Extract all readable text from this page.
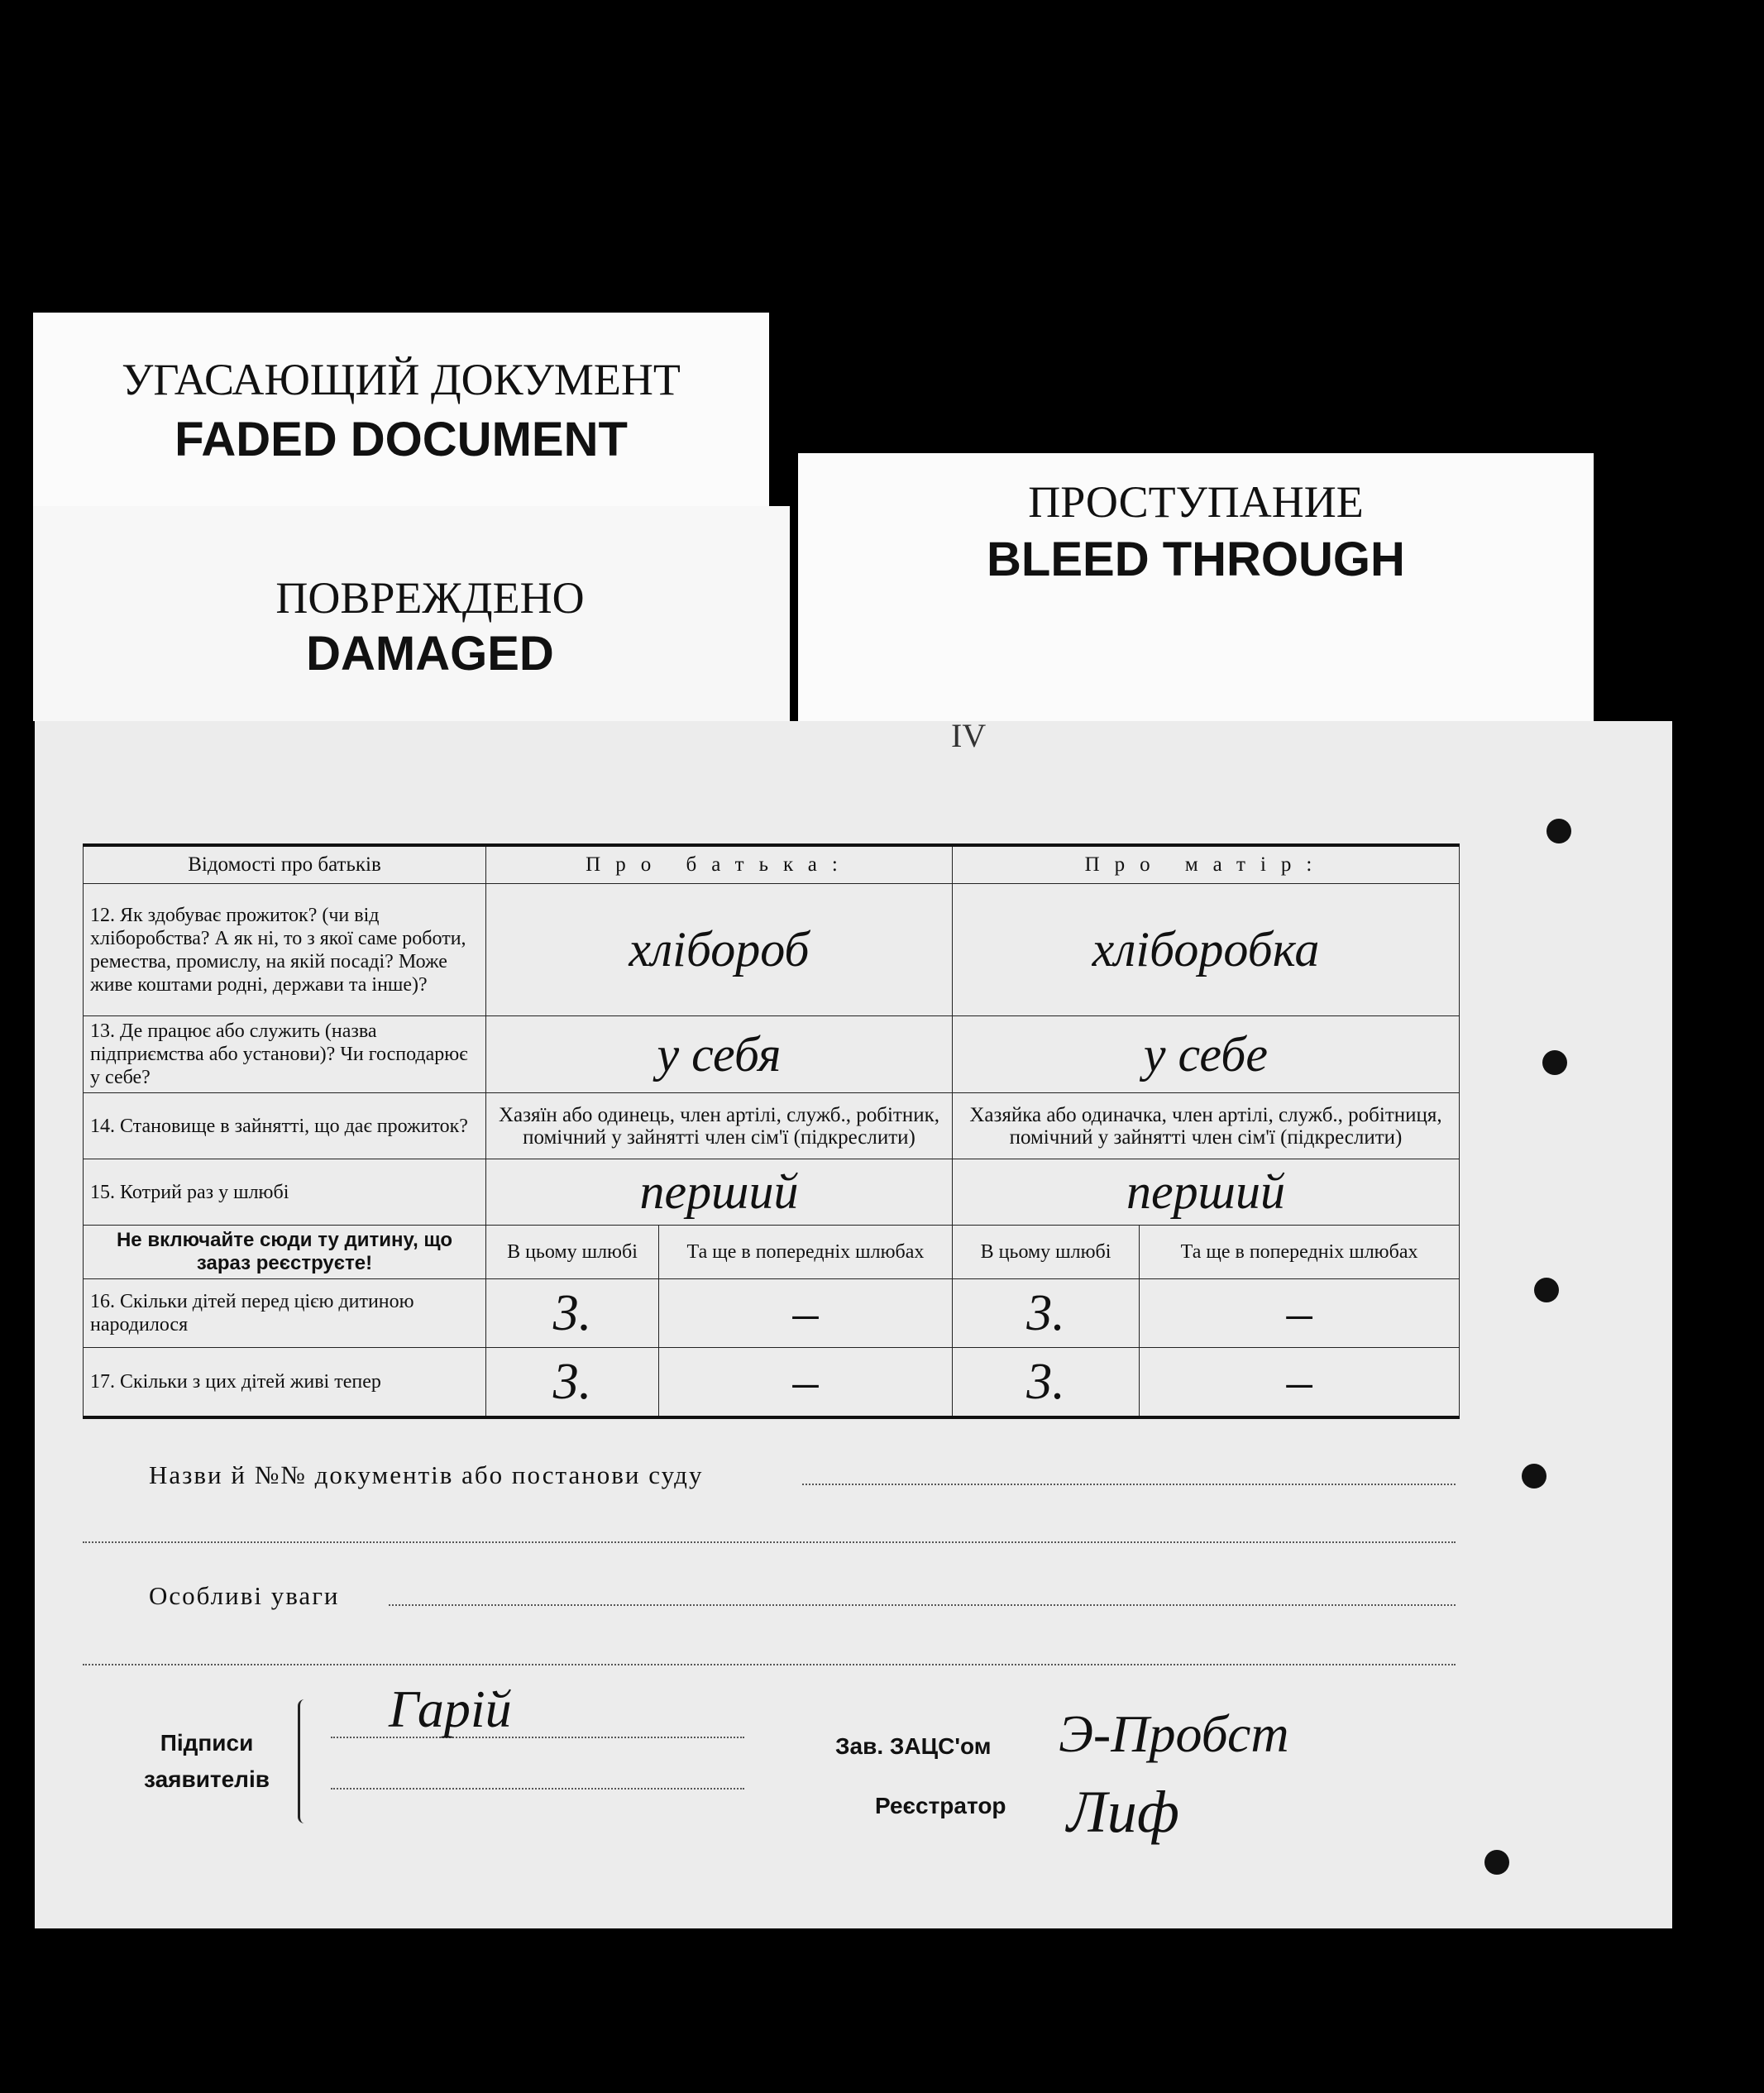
УГАСАЮЩИЙ ДОКУМЕНТ
FADED DOCUMENT
ПОВРЕЖДЕНО
DAMAGED
ПРОСТУПАНИЕ
BLEED THROUGH
IV
Відомості про батьків	Про батька:		Про матір:	
12. Як здобуває прожиток? (чи від хліборобства? А як ні, то з якої саме роботи, ремества, промислу, на якій посаді? Може живе коштами родні, держави та інше)?	хлібороб		хліборобка	
13. Де працює або служить (назва підприємства або установи)? Чи господарює у себе?	у себя		у себе	
14. Становище в зайнятті, що дає прожиток?	Хазяїн або одинець, член артілі, служб., робітник, помічний у зайнятті член сім'ї (підкреслити)		Хазяйка або одиначка, член артілі, служб., робітниця, помічний у зайнятті член сім'ї (підкреслити)	
15. Котрий раз у шлюбі	перший		перший	
Не включайте сюди ту дитину, що зараз реєструєте!	В цьому шлюбі	Та ще в попередніх шлюбах	В цьому шлюбі	Та ще в попередніх шлюбах
16. Скільки дітей перед цією дитиною народилося	3.	–	3.	–
17. Скільки з цих дітей живі тепер	3.	–	3.	–
Назви й №№ документів або постанови суду
Особливі уваги
Підписи заявителів
Гарій
Зав. ЗАЦС'ом	Э-Пробст
Реєстратор	Лиф
